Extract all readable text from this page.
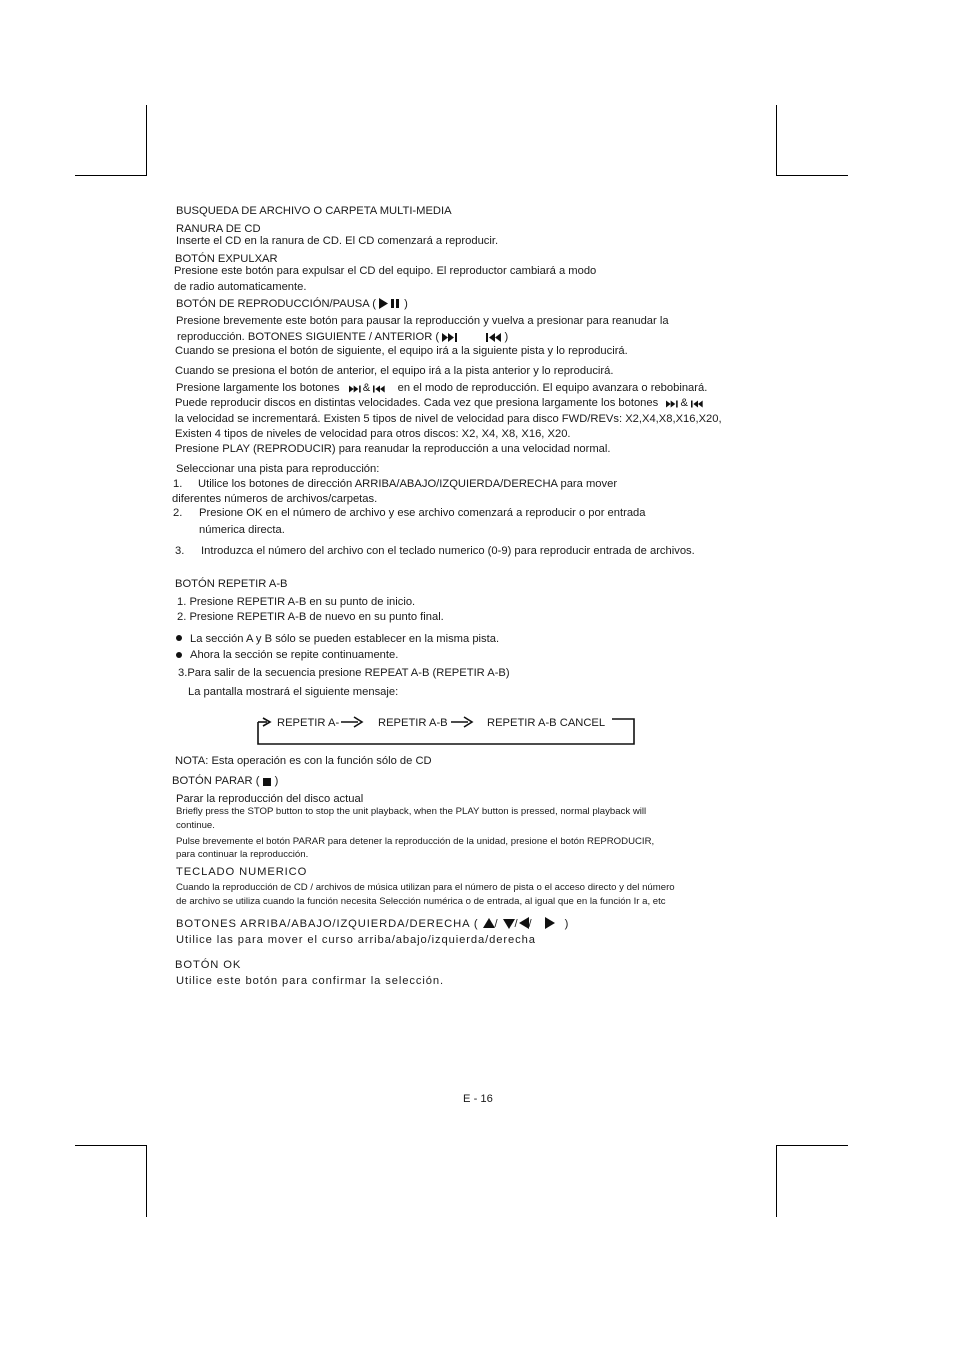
BUSQUEDA DE ARCHIVO O CARPETA MULTI-MEDIA
RANURA DE CD
Inserte el CD en la ranura de CD. El CD comenzará a reproducir.
BOTÓN EXPULXAR
Presione este botón para expulsar el CD del equipo. El reproductor cambiará a modo
de radio automaticamente.
BOTÓN DE REPRODUCCIÓN/PAUSA (	)
Presione brevemente este botón para pausar la reproducción y vuelva a presionar para reanudar la
reproducción. BOTONES SIGUIENTE / ANTERIOR (	)
Cuando se presiona el botón de siguiente, el equipo irá a la siguiente pista y lo reproducirá.
Cuando se presiona el botón de anterior, el equipo irá a la pista anterior y lo reproducirá.
Presione largamente los botones & en el modo de reproducción. El equipo avanzara o rebobinará.
Puede reproducir discos en distintas velocidades. Cada vez que presiona largamente los botones &
la velocidad se incrementará. Existen 5 tipos de nivel de velocidad para disco FWD/REVs: X2,X4,X8,X16,X20,
Existen 4 tipos de niveles de velocidad para otros discos: X2, X4, X8, X16, X20.
Presione PLAY (REPRODUCIR) para reanudar la reproducción a una velocidad normal.
Seleccionar una pista para reproducción:
1. Utilice los botones de dirección ARRIBA/ABAJO/IZQUIERDA/DERECHA para mover
diferentes números de archivos/carpetas.
2. Presione OK en el número de archivo y ese archivo comenzará a reproducir o por entrada
númerica directa.
3. Introduzca el número del archivo con el teclado numerico (0-9) para reproducir entrada de archivos.
BOTÓN REPETIR A-B
1. Presione REPETIR A-B en su punto de inicio.
2. Presione REPETIR A-B de nuevo en su punto final.
La sección A y B sólo se pueden establecer en la misma pista.
Ahora la sección se repite continuamente.
3.Para salir de la secuencia presione REPEAT A-B (REPETIR A-B)
La pantalla mostrará el siguiente mensaje:
REPETIR A-	REPETIR A-B	REPETIR A-B CANCEL
NOTA: Esta operación es con la función sólo de CD
BOTÓN PARAR ( )
Parar la reproducción del disco actual
Briefly press the STOP button to stop the unit playback, when the PLAY button is pressed, normal playback will
continue.
Pulse brevemente el botón PARAR para detener la reproducción de la unidad, presione el botón REPRODUCIR,
para continuar la reproducción.
TECLADO NUMERICO
Cuando la reproducción de CD / archivos de música utilizan para el número de pista o el acceso directo y del número
de archivo se utiliza cuando la función necesita Selección numérica o de entrada, al igual que en la función Ir a, etc
BOTONES ARRIBA/ABAJO/IZQUIERDA/DERECHA ( / / /	)
Utilice las para mover el curso arriba/abajo/izquierda/derecha
BOTÓN OK
Utilice este botón para confirmar la selección.
E - 16
